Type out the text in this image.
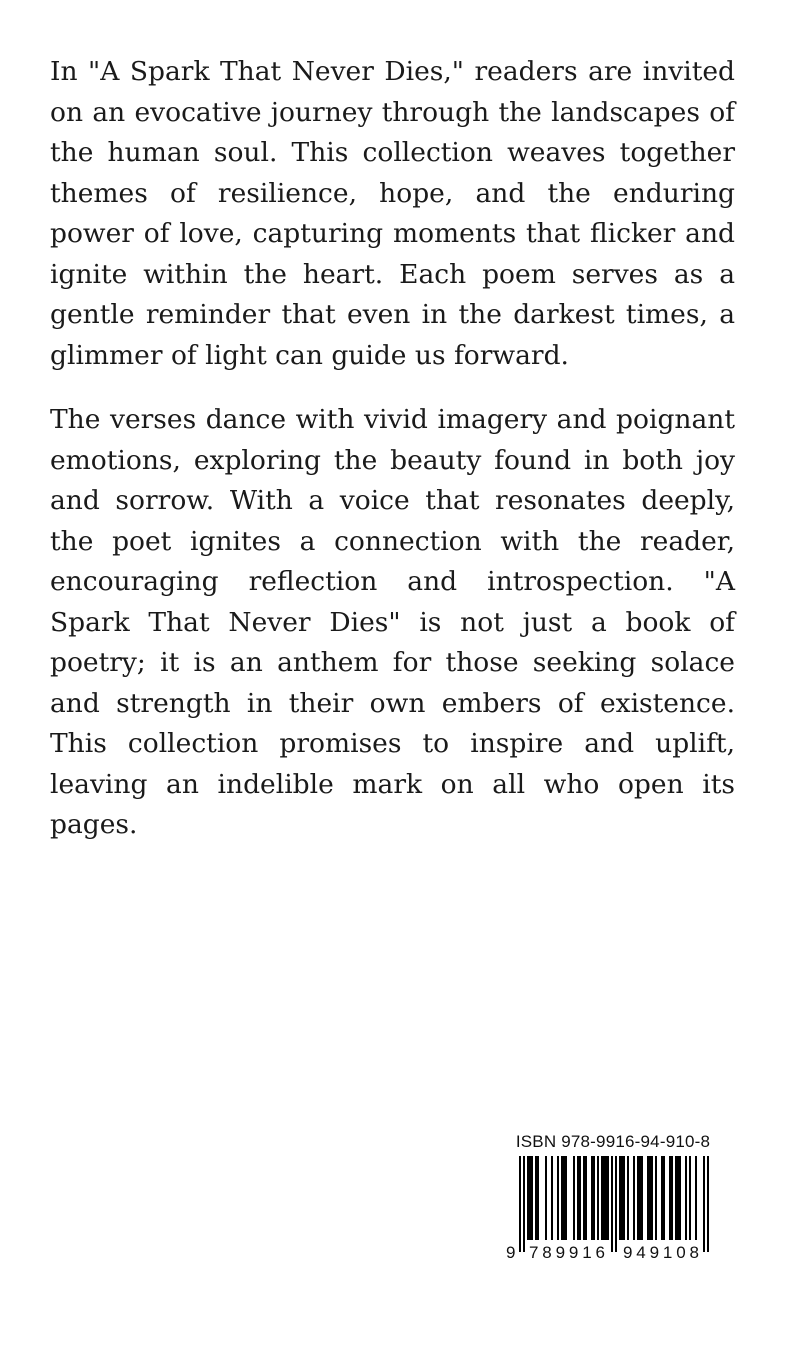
In "A Spark That Never Dies," readers are invited on an evocative journey through the landscapes of the human soul. This collection weaves together themes of resilience, hope, and the enduring power of love, capturing moments that flicker and ignite within the heart. Each poem serves as a gentle reminder that even in the darkest times, a glimmer of light can guide us forward.

The verses dance with vivid imagery and poignant emotions, exploring the beauty found in both joy and sorrow. With a voice that resonates deeply, the poet ignites a connection with the reader, encouraging reflection and introspection. "A Spark That Never Dies" is not just a book of poetry; it is an anthem for those seeking solace and strength in their own embers of existence. This collection promises to inspire and uplift, leaving an indelible mark on all who open its pages.

ISBN 978-9916-94-910-8
9 789916 949108
